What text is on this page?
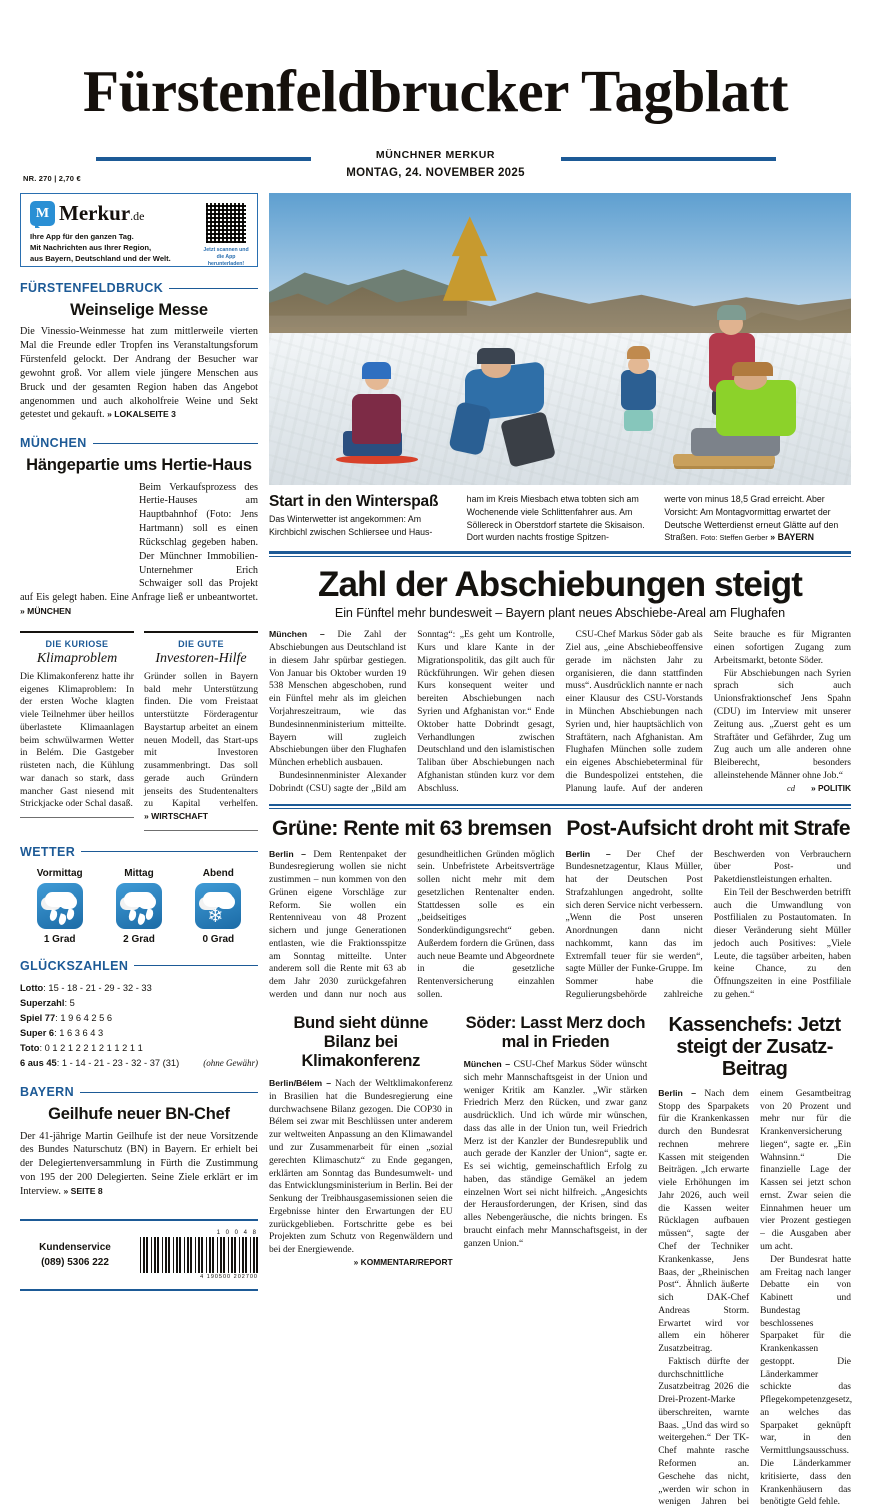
Fürstenfeldbrucker Tagblatt
MÜNCHNER MERKUR
MONTAG, 24. NOVEMBER 2025
NR. 270 | 2,70 €
M
Merkur.de
Ihre App für den ganzen Tag.
Mit Nachrichten aus Ihrer Region,
aus Bayern, Deutschland und der Welt.
Jetzt scannen und die App herunterladen!
FÜRSTENFELDBRUCK
Weinselige Messe
Die Vinessio-Weinmesse hat zum mittlerweile vierten Mal die Freunde edler Tropfen ins Veranstaltungsforum Fürstenfeld gelockt. Der Andrang der Besucher war gewohnt groß. Vor allem viele jüngere Menschen aus Bruck und der gesamten Region haben das Angebot angenommen und auch alkoholfreie Weine und Sekt getestet und gekauft. » LOKALSEITE 3
MÜNCHEN
Hängepartie ums Hertie-Haus
Beim Verkaufsprozess des Hertie-Hauses am Hauptbahnhof (Foto: Jens Hartmann) soll es einen Rückschlag gegeben haben. Der Münchner Immobilien-Unternehmer Erich Schwaiger soll das Projekt auf Eis gelegt haben. Eine Anfrage ließ er unbeantwortet. » MÜNCHEN
DIE KURIOSE
Klimaproblem
Die Klimakonferenz hatte ihr eigenes Klimaproblem: In der ersten Woche klagten viele Teilnehmer über heillos überlastete Klimaanlagen beim schwülwarmen Wetter in Belém. Die Gastgeber rüsteten nach, die Kühlung war danach so stark, dass mancher Gast niesend mit Strickjacke oder Schal dasaß.
DIE GUTE
Investoren-Hilfe
Gründer sollen in Bayern bald mehr Unterstützung finden. Die vom Freistaat unterstützte Förderagentur Baystartup arbeitet an einem neuen Modell, das Start-ups mit Investoren zusammenbringt. Das soll gerade auch Gründern jenseits des Studentenalters zu Kapital verhelfen. » WIRTSCHAFT
WETTER
Vormittag
1 Grad
Mittag
2 Grad
Abend
❄
0 Grad
GLÜCKSZAHLEN
Lotto: 15 - 18 - 21 - 29 - 32 - 33
Superzahl: 5
Spiel 77: 1 9 6 4 2 5 6
Super 6: 1 6 3 6 4 3
Toto: 0 1 2 1 2 2 1 2 1 1 2 1 1
6 aus 45: 1 - 14 - 21 - 23 - 32 - 37 (31)	(ohne Gewähr)
BAYERN
Geilhufe neuer BN-Chef
Der 41-jährige Martin Geilhufe ist der neue Vorsitzende des Bundes Naturschutz (BN) in Bayern. Er erhielt bei der Delegiertenversammlung in Fürth die Zustimmung von 195 der 200 Delegierten. Seine Ziele erklärt er im Interview. » SEITE 8
Kundenservice
(089) 5306 222
1 0 0 4 8
4 190500 202700
Start in den Winterspaß
Das Winterwetter ist angekommen: Am Kirchbichl zwischen Schliersee und Haus-
ham im Kreis Miesbach etwa tobten sich am Wochenende viele Schlittenfahrer aus. Am Söllereck in Oberstdorf startete die Skisaison. Dort wurden nachts frostige Spitzen-
werte von minus 18,5 Grad erreicht. Aber Vorsicht: Am Montagvormittag erwartet der Deutsche Wetterdienst erneut Glätte auf den Straßen. Foto: Steffen Gerber » BAYERN
Zahl der Abschiebungen steigt
Ein Fünftel mehr bundesweit – Bayern plant neues Abschiebe-Areal am Flughafen

München – Die Zahl der Abschiebungen aus Deutschland ist in diesem Jahr spürbar gestiegen. Von Januar bis Oktober wurden 19 538 Menschen abgeschoben, rund ein Fünftel mehr als im gleichen Vorjahreszeitraum, wie das Bundesinnenministerium mitteilte. Bayern will zugleich Abschiebungen über den Flughafen München erheblich ausbauen.

Bundesinnenminister Alexander Dobrindt (CSU) sagte der „Bild am Sonntag“: „Es geht um Kontrolle, Kurs und klare Kante in der Migrationspolitik, das gilt auch für Rückführungen. Wir gehen diesen Kurs konsequent weiter und bereiten Abschiebungen nach Syrien und Afghanistan vor.“ Ende Oktober hatte Dobrindt gesagt, Verhandlungen zwischen Deutschland und den islamistischen Taliban über Abschiebungen nach Afghanistan stünden kurz vor dem Abschluss.

CSU-Chef Markus Söder gab als Ziel aus, „eine Abschiebeoffensive gerade im nächsten Jahr zu organisieren, die dann stattfinden muss“. Ausdrücklich nannte er nach einer Klausur des CSU-Vorstands in München Abschiebungen nach Syrien und, hier hauptsächlich von Straftätern, nach Afghanistan. Am Flughafen München solle zudem ein eigenes Abschiebeterminal für die Bundespolizei entstehen, die Planung laufe. Auf der anderen Seite brauche es für Migranten einen sofortigen Zugang zum Arbeitsmarkt, betonte Söder.

Für Abschiebungen nach Syrien sprach sich auch Unionsfraktionschef Jens Spahn (CDU) im Interview mit unserer Zeitung aus. „Zuerst geht es um Straftäter und Gefährder, Zug um Zug auch um alle anderen ohne Bleiberecht, besonders alleinstehende Männer ohne Job.“
» POLITIK
cd

Grüne: Rente mit 63 bremsen

Berlin – Dem Rentenpaket der Bundesregierung wollen sie nicht zustimmen – nun kommen von den Grünen eigene Vorschläge zur Reform. Sie wollen ein Rentenniveau von 48 Prozent sichern und junge Generationen entlasten, wie die Fraktionsspitze am Sonntag mitteilte. Unter anderem soll die Rente mit 63 ab dem Jahr 2030 zurückgefahren werden und dann nur noch aus gesundheitlichen Gründen möglich sein. Unbefristete Arbeitsverträge sollen nicht mehr mit dem gesetzlichen Rentenalter enden. Stattdessen solle es ein „beidseitiges Sonderkündigungsrecht“ geben. Außerdem fordern die Grünen, dass auch neue Beamte und Abgeordnete in die gesetzliche Rentenversicherung einzahlen sollen.

Post-Aufsicht droht mit Strafe

Berlin – Der Chef der Bundesnetzagentur, Klaus Müller, hat der Deutschen Post Strafzahlungen angedroht, sollte sich deren Service nicht verbessern. „Wenn die Post unseren Anordnungen dann nicht nachkommt, kann das im Extremfall teuer für sie werden“, sagte Müller der Funke-Gruppe. Im Sommer habe die Regulierungsbehörde zahlreiche Beschwerden von Verbrauchern über Post- und Paketdienstleistungen erhalten.

Ein Teil der Beschwerden betrifft auch die Umwandlung von Postfilialen zu Postautomaten. In dieser Veränderung sieht Müller jedoch auch Positives: „Viele Leute, die tagsüber arbeiten, haben keine Chance, zu den Öffnungszeiten in eine Postfiliale zu gehen.“

Bund sieht dünne Bilanz bei Klimakonferenz

Berlin/Bélem – Nach der Weltklimakonferenz in Brasilien hat die Bundesregierung eine durchwachsene Bilanz gezogen. Die COP30 in Bélem sei zwar mit Beschlüssen unter anderem zur weltweiten Anpassung an den Klimawandel und zur Zusammenarbeit für einen „sozial gerechten Klimaschutz“ zu Ende gegangen, erklärten am Sonntag das Bundesumwelt- und das Entwicklungsministerium in Berlin. Bei der Senkung der Treibhausgasemissionen seien die Ergebnisse hinter den Erwartungen der EU zurückgeblieben. Fortschritte gebe es bei Projekten zum Schutz von Regenwäldern und bei der Energiewende.
» KOMMENTAR/REPORT

Söder: Lasst Merz doch mal in Frieden

München – CSU-Chef Markus Söder wünscht sich mehr Mannschaftsgeist in der Union und weniger Kritik am Kanzler. „Wir stärken Friedrich Merz den Rücken, und zwar ganz ausdrücklich. Und ich würde mir wünschen, dass das alle in der Union tun, weil Friedrich Merz ist der Kanzler der Bundesrepublik und auch gerade der Kanzler der Union“, sagte er. Es sei wichtig, gemeinschaftlich Erfolg zu haben, das ständige Gemäkel an jedem einzelnen Wort sei nicht hilfreich. „Angesichts der Herausforderungen, der Krisen, sind das alles Nebengeräusche, die nichts bringen. Es braucht einfach mehr Mannschaftsgeist, in der ganzen Union.“

Kassenchefs: Jetzt steigt der Zusatz-Beitrag

Berlin – Nach dem Stopp des Sparpakets für die Krankenkassen durch den Bundesrat rechnen mehrere Kassen mit steigenden Beiträgen. „Ich erwarte viele Erhöhungen im Jahr 2026, auch weil die Kassen weiter Rücklagen aufbauen müssen“, sagte der Chef der Techniker Krankenkasse, Jens Baas, der „Rheinischen Post“. Ähnlich äußerte sich DAK-Chef Andreas Storm. Erwartet wird vor allem ein höherer Zusatzbeitrag.

Faktisch dürfte der durchschnittliche Zusatzbeitrag 2026 die Drei-Prozent-Marke überschreiten, warnte Baas. „Und das wird so weitergehen.“ Der TK-Chef mahnte rasche Reformen an. Geschehe das nicht, „werden wir schon in wenigen Jahren bei einem Gesamtbeitrag von 20 Prozent und mehr nur für die Krankenversicherung liegen“, sagte er. „Ein Wahnsinn.“ Die finanzielle Lage der Kassen sei jetzt schon ernst. Zwar seien die Einnahmen heuer um vier Prozent gestiegen – die Ausgaben aber um acht.

Der Bundesrat hatte am Freitag nach langer Debatte ein von Kabinett und Bundestag beschlossenes Sparpaket für die Krankenkassen gestoppt. Die Länderkammer schickte das Pflegekompetenzgesetz, an welches das Sparpaket geknüpft war, in den Vermittlungsausschuss. Die Länderkammer kritisierte, dass den Krankenhäusern das benötigte Geld fehle.
